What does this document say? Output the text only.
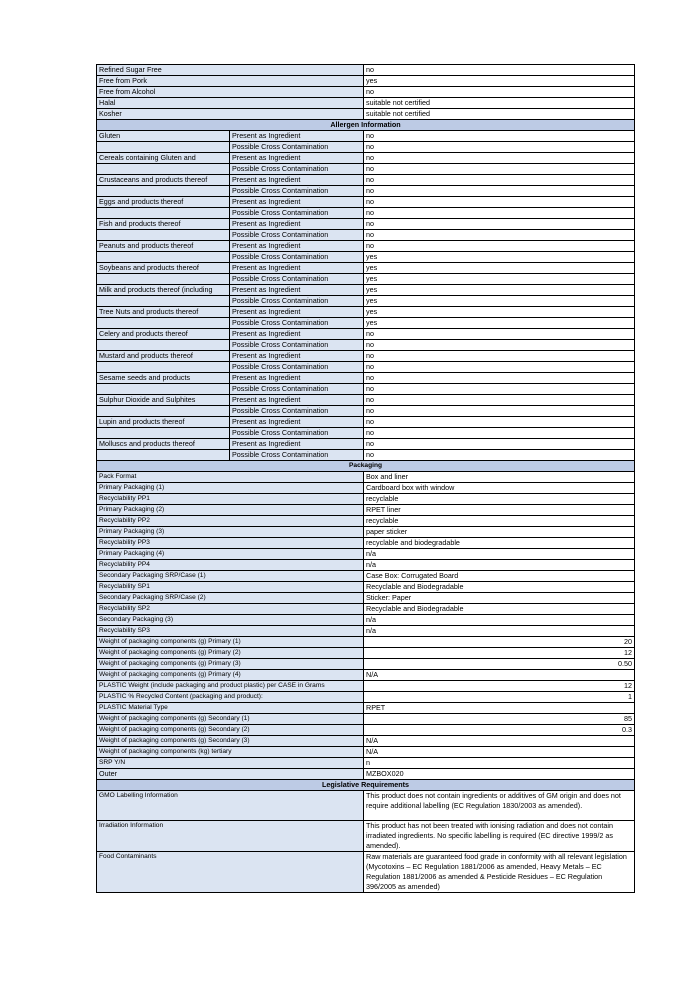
Refined Sugar Free		no
Free from Pork		yes
Free from Alcohol		no
Halal		suitable not certified
Kosher		suitable not certified
Allergen Information		
Gluten	Present as Ingredient	no
	Possible Cross Contamination	no
Cereals containing Gluten and	Present as Ingredient	no
	Possible Cross Contamination	no
Crustaceans and products thereof	Present as Ingredient	no
	Possible Cross Contamination	no
Eggs and products thereof	Present as Ingredient	no
	Possible Cross Contamination	no
Fish and products thereof	Present as Ingredient	no
	Possible Cross Contamination	no
Peanuts and products thereof	Present as Ingredient	no
	Possible Cross Contamination	yes
Soybeans and products thereof	Present as Ingredient	yes
	Possible Cross Contamination	yes
Milk and products thereof (including	Present as Ingredient	yes
	Possible Cross Contamination	yes
Tree Nuts and products thereof	Present as Ingredient	yes
	Possible Cross Contamination	yes
Celery and products thereof	Present as Ingredient	no
	Possible Cross Contamination	no
Mustard and products thereof	Present as Ingredient	no
	Possible Cross Contamination	no
Sesame seeds and products	Present as Ingredient	no
	Possible Cross Contamination	no
Sulphur Dioxide and Sulphites	Present as Ingredient	no
	Possible Cross Contamination	no
Lupin and products thereof	Present as Ingredient	no
	Possible Cross Contamination	no
Molluscs and products thereof	Present as Ingredient	no
	Possible Cross Contamination	no
Packaging		
Pack Format		Box and liner
Primary Packaging (1)		Cardboard box with window
Recyclability PP1		recyclable
Primary Packaging (2)		RPET liner
Recyclability PP2		recyclable
Primary Packaging (3)		paper sticker
Recyclability PP3		recyclable and biodegradable
Primary Packaging (4)		n/a
Recyclability PP4		n/a
Secondary Packaging SRP/Case (1)		Case Box: Corrugated Board
Recyclability SP1		Recyclable and Biodegradable
Secondary Packaging SRP/Case (2)		Sticker: Paper
Recyclability SP2		Recyclable and Biodegradable
Secondary Packaging (3)		n/a
Recyclability SP3		n/a
Weight of packaging components (g) Primary (1)		20
Weight of packaging components (g) Primary (2)		12
Weight of packaging components (g) Primary (3)		0.50
Weight of packaging components (g) Primary (4)		N/A
PLASTIC Weight (include packaging and product plastic) per CASE in Grams		12
PLASTIC % Recycled Content (packaging and product):		1
PLASTIC Material Type		RPET
Weight of packaging components (g) Secondary (1)		85
Weight of packaging components (g) Secondary (2)		0.3
Weight of packaging components (g) Secondary (3)		N/A
Weight of packaging components (kg) tertiary		N/A
SRP Y/N		n
Outer		MZBOX020
Legislative Requirements		
GMO Labelling Information		This product does not contain ingredients or additives of GM origin and does not require additional labelling (EC Regulation 1830/2003 as amended).
Irradiation Information		This product has not been treated with ionising radiation and does not contain irradiated ingredients. No specific labelling is required (EC directive 1999/2 as amended).
Food Contaminants		Raw materials are guaranteed food grade in conformity with all relevant legislation (Mycotoxins – EC Regulation 1881/2006 as amended, Heavy Metals – EC Regulation 1881/2006 as amended & Pesticide Residues – EC Regulation 396/2005 as amended)
